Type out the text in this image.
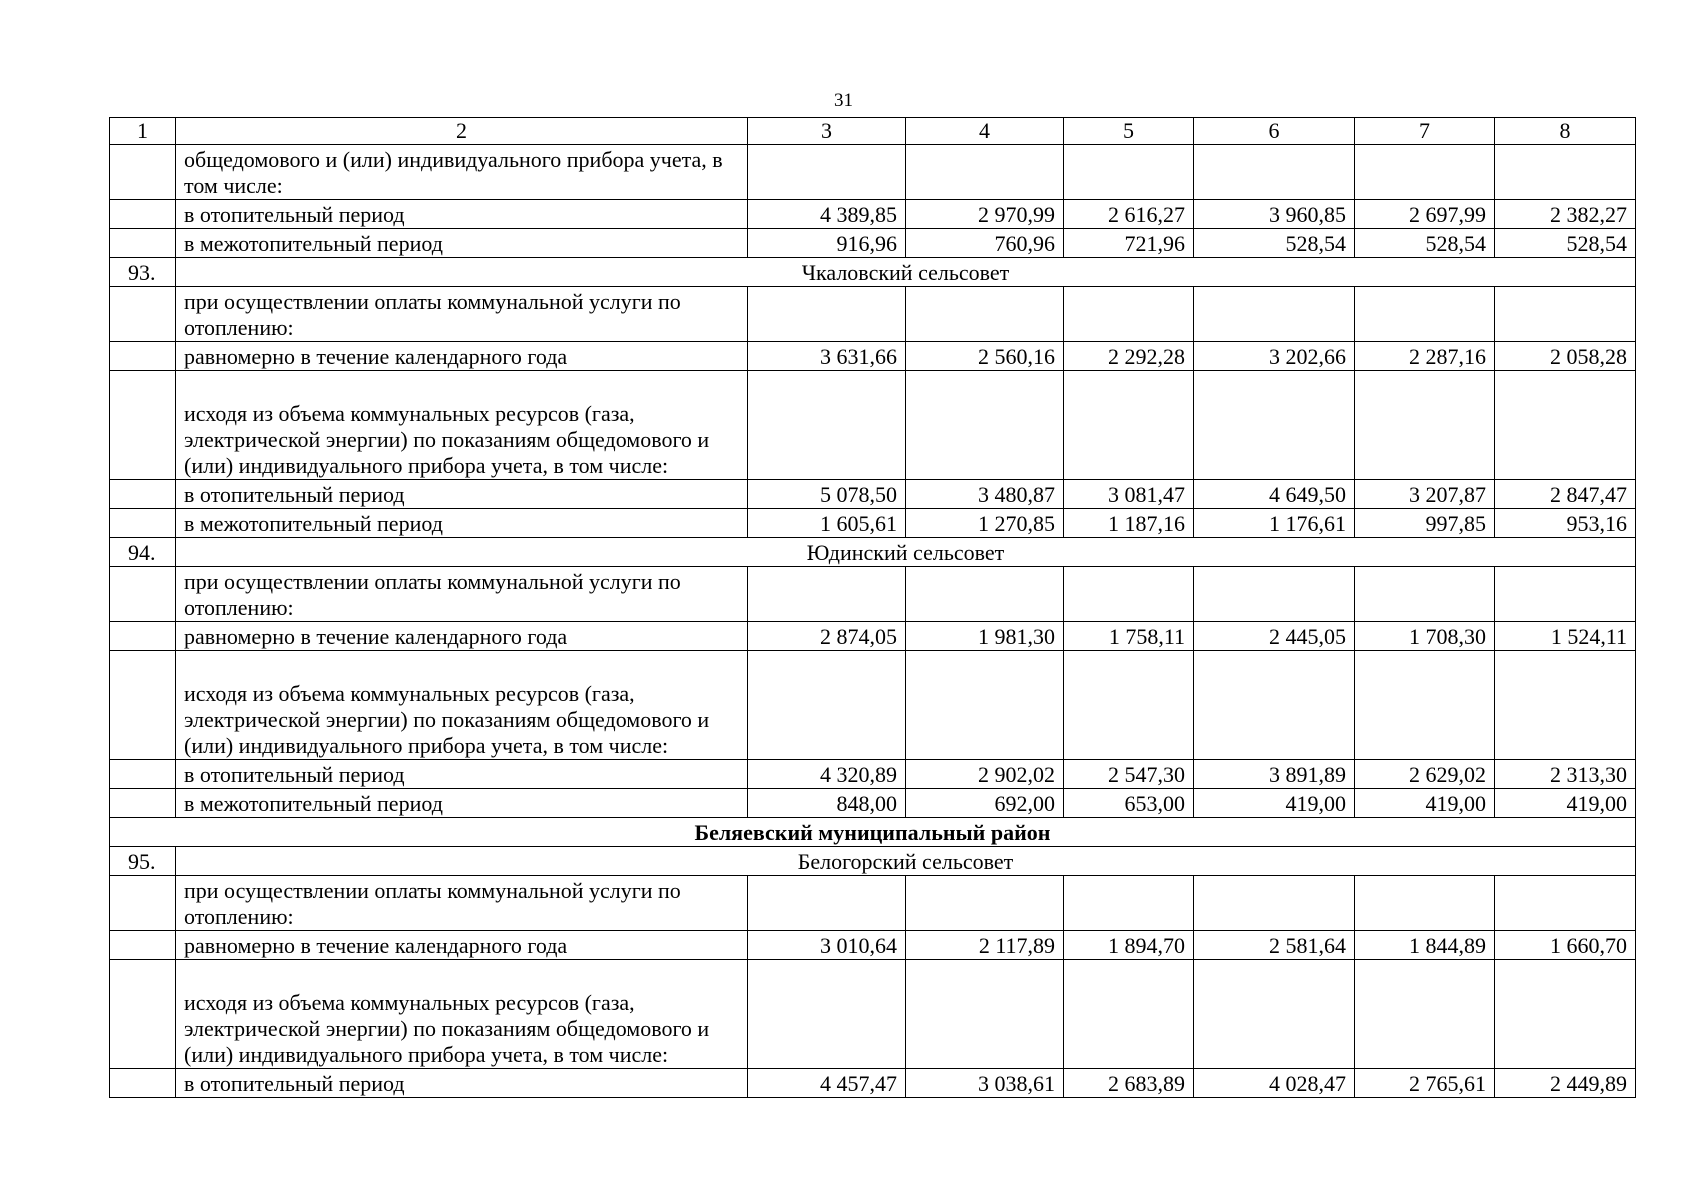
31
1	2	3	4	5	6	7	8
	общедомового и (или) индивидуального прибора учета, в том числе:						
	в отопительный период	4 389,85	2 970,99	2 616,27	3 960,85	2 697,99	2 382,27
	в межотопительный период	916,96	760,96	721,96	528,54	528,54	528,54
93.	Чкаловский сельсовет						
	при осуществлении оплаты коммунальной услуги по отоплению:						
	равномерно в течение календарного года	3 631,66	2 560,16	2 292,28	3 202,66	2 287,16	2 058,28
	исходя из объема коммунальных ресурсов (газа, электрической энергии) по показаниям общедомового и (или) индивидуального прибора учета, в том числе:						
	в отопительный период	5 078,50	3 480,87	3 081,47	4 649,50	3 207,87	2 847,47
	в межотопительный период	1 605,61	1 270,85	1 187,16	1 176,61	997,85	953,16
94.	Юдинский сельсовет						
	при осуществлении оплаты коммунальной услуги по отоплению:						
	равномерно в течение календарного года	2 874,05	1 981,30	1 758,11	2 445,05	1 708,30	1 524,11
	исходя из объема коммунальных ресурсов (газа, электрической энергии) по показаниям общедомового и (или) индивидуального прибора учета, в том числе:						
	в отопительный период	4 320,89	2 902,02	2 547,30	3 891,89	2 629,02	2 313,30
	в межотопительный период	848,00	692,00	653,00	419,00	419,00	419,00
Беляевский муниципальный район							
95.	Белогорский сельсовет						
	при осуществлении оплаты коммунальной услуги по отоплению:						
	равномерно в течение календарного года	3 010,64	2 117,89	1 894,70	2 581,64	1 844,89	1 660,70
	исходя из объема коммунальных ресурсов (газа, электрической энергии) по показаниям общедомового и (или) индивидуального прибора учета, в том числе:						
	в отопительный период	4 457,47	3 038,61	2 683,89	4 028,47	2 765,61	2 449,89
